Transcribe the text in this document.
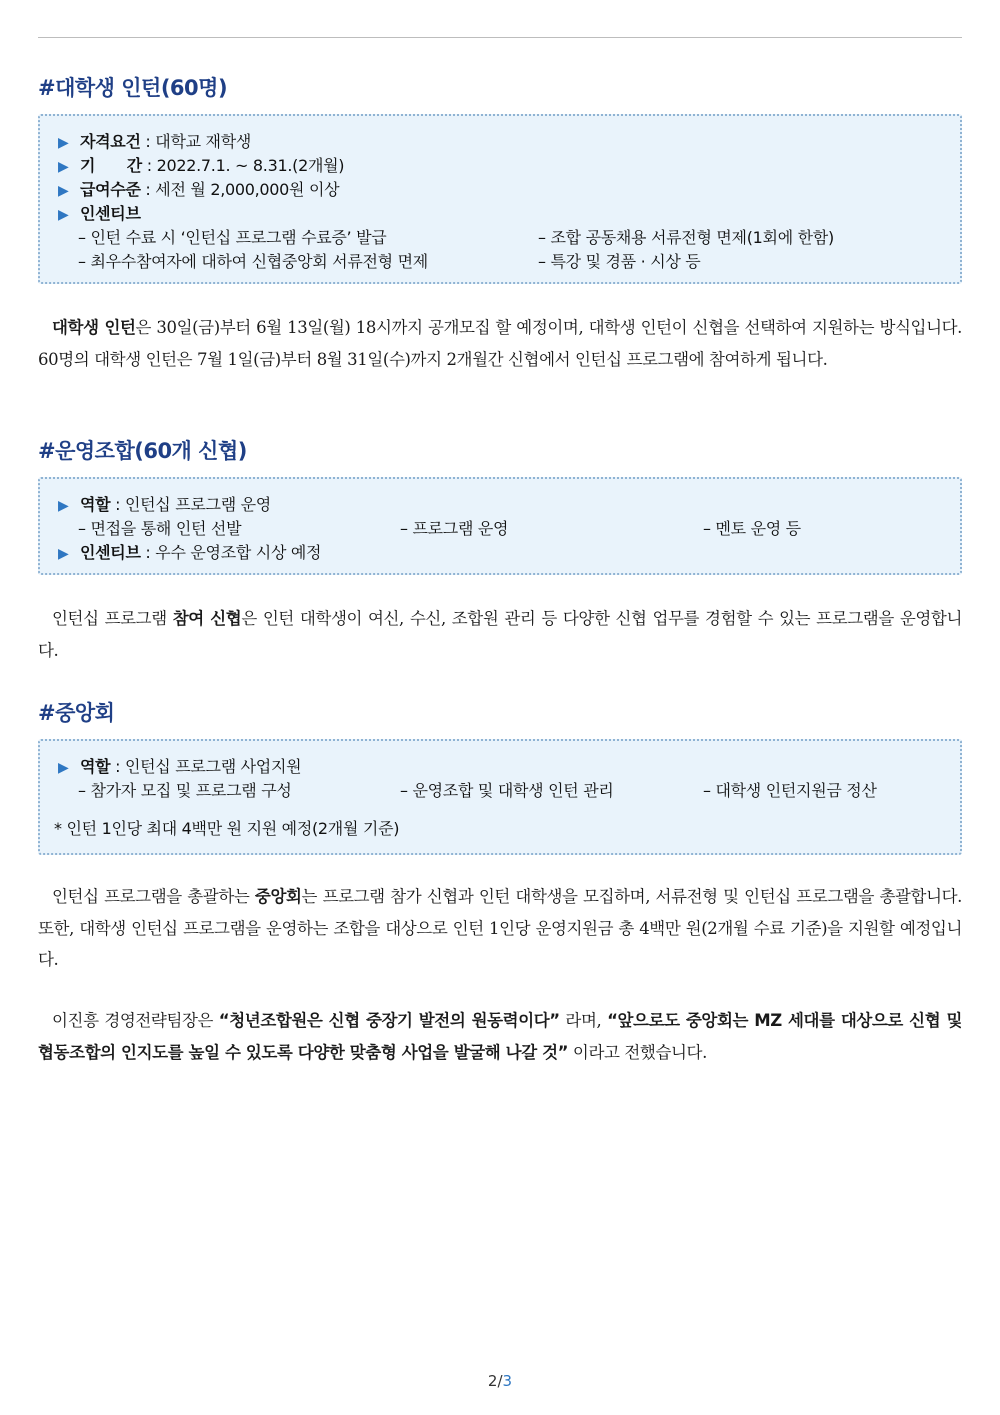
#대학생 인턴(60명)
▶ 자격요건 : 대학교 재학생
▶ 기      간 : 2022.7.1. ~ 8.31.(2개월)
▶ 급여수준 : 세전 월 2,000,000원 이상
▶ 인센티브
– 인턴 수료 시 ‘인턴십 프로그램 수료증’ 발급	– 조합 공동채용 서류전형 면제(1회에 한함)
– 최우수참여자에 대하여 신협중앙회 서류전형 면제	– 특강 및 경품 · 시상 등

대학생 인턴은 30일(금)부터 6월 13일(월) 18시까지 공개모집 할 예정이며, 대학생 인턴이 신협을 선택하여 지원하는 방식입니다. 60명의 대학생 인턴은 7월 1일(금)부터 8월 31일(수)까지 2개월간 신협에서 인턴십 프로그램에 참여하게 됩니다.

#운영조합(60개 신협)
▶ 역할 : 인턴십 프로그램 운영
– 면접을 통해 인턴 선발	– 프로그램 운영	– 멘토 운영 등
▶ 인센티브 : 우수 운영조합 시상 예정

인턴십 프로그램 참여 신협은 인턴 대학생이 여신, 수신, 조합원 관리 등 다양한 신협 업무를 경험할 수 있는 프로그램을 운영합니다.

#중앙회
▶ 역할 : 인턴십 프로그램 사업지원
– 참가자 모집 및 프로그램 구성	– 운영조합 및 대학생 인턴 관리	– 대학생 인턴지원금 정산
* 인턴 1인당 최대 4백만 원 지원 예정(2개월 기준)

인턴십 프로그램을 총괄하는 중앙회는 프로그램 참가 신협과 인턴 대학생을 모집하며, 서류전형 및 인턴십 프로그램을 총괄합니다. 또한, 대학생 인턴십 프로그램을 운영하는 조합을 대상으로 인턴 1인당 운영지원금 총 4백만 원(2개월 수료 기준)을 지원할 예정입니다.

이진흥 경영전략팀장은 “청년조합원은 신협 중장기 발전의 원동력이다” 라며, “앞으로도 중앙회는 MZ 세대를 대상으로 신협 및 협동조합의 인지도를 높일 수 있도록 다양한 맞춤형 사업을 발굴해 나갈 것” 이라고 전했습니다.

2/3
